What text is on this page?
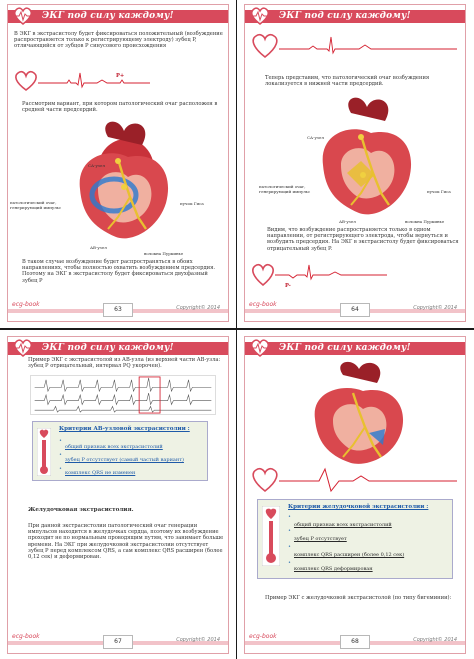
ЭКГ под силу каждому!
В ЭКГ в экстрасистолу будет фиксироваться положительный (возбуждение распространяется только к регистрирующему электроду) зубец P, отличающийся от зубцов P синусового происхождения
P+
Рассмотрим вариант, при котором патологический очаг расположен в средней части предсердий.
СА-узел
патологический очаг, генерирующий импульс
пучок Гиса
АВ-узел
волокна Пуркинье
В таком случае возбуждение будет распространяться в обоих направлениях, чтобы полностью охватить возбуждением предсердия. Поэтому на ЭКГ в экстрасистолу будет фиксироваться двухфазный зубец P
ecg-book
63	Copyright© 2014
ЭКГ под силу каждому!
Теперь представим, что патологический очаг возбуждения локализуется в нижней части предсердий.
СА-узел
патологический очаг, генерирующий импульс	пучок Гиса
АВ-узел	волокна Пуркинье
Видим, что возбуждение распространяется только в одном направлении, от регистрирующего электрода, чтобы вернуться и возбудить предсердия. На ЭКГ в экстрасистолу будет фиксироваться отрицательный зубец P.
P-
ecg-book
64	Copyright© 2014
ЭКГ под силу каждому!
Пример ЭКГ с экстрасистолой из АВ-узла (из верхней части АВ-узла: зубец P отрицательный, интервал PQ укорочен).
Критерии АВ-узловой экстрасистолии :
•
общий признак всех экстрасистолий
•
зубец P отсутствует (самый частый вариант)
•
комплекс QRS не изменен
Желудочковая экстрасистолия.
При данной экстрасистолии патологический очаг генерации импульсов находится в желудочках сердца, поэтому их возбуждение проходит не по нормальным проводящим путям, что занимает больше времени. На ЭКГ при желудочковой экстрасистолии отсутствует зубец P перед комплексом QRS, а сам комплекс QRS расширен (более 0,12 сек) и деформирован.
ecg-book
67	Copyright© 2014
ЭКГ под силу каждому!
Критерии желудочковой экстрасистолии :
•
общий признак всех экстрасистолий
•
зубец P отсутствует
•
комплекс QRS расширен (более 0,12 сек)
•
комплекс QRS деформирован
Пример ЭКГ с желудочковой экстрасистолой (по типу бигеминии):
ecg-book
68	Copyright© 2014
